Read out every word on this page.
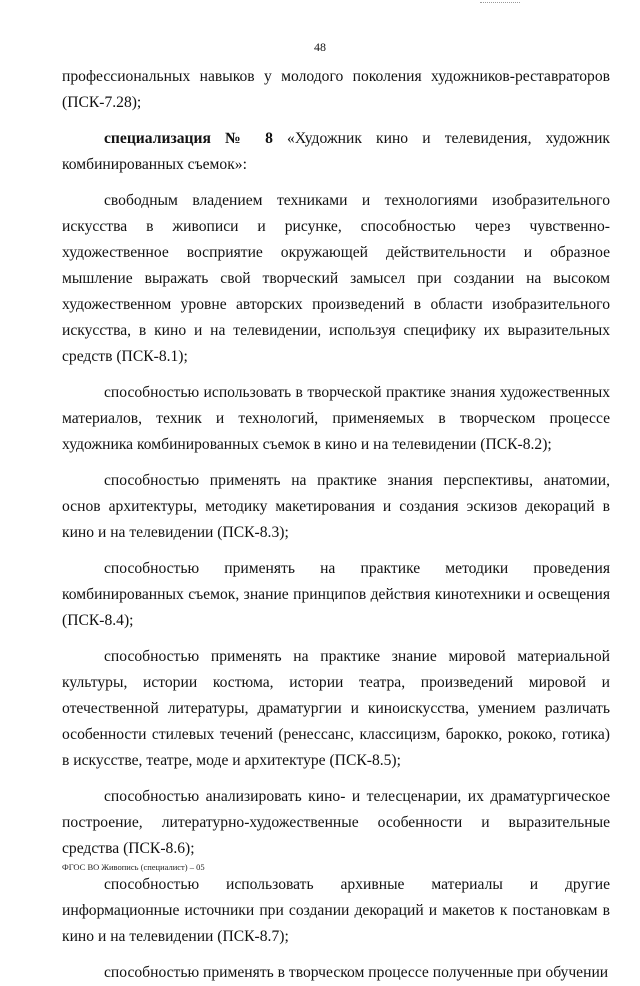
48

профессиональных навыков у молодого поколения художников-реставраторов (ПСК-7.28);

специализация № 8 «Художник кино и телевидения, художник комбинированных съемок»:

свободным владением техниками и технологиями изобразительного искусства в живописи и рисунке, способностью через чувственно-художественное восприятие окружающей действительности и образное мышление выражать свой творческий замысел при создании на высоком художественном уровне авторских произведений в области изобразительного искусства, в кино и на телевидении, используя специфику их выразительных средств (ПСК-8.1);

способностью использовать в творческой практике знания художественных материалов, техник и технологий, применяемых в творческом процессе художника комбинированных съемок в кино и на телевидении (ПСК-8.2);

способностью применять на практике знания перспективы, анатомии, основ архитектуры, методику макетирования и создания эскизов декораций в кино и на телевидении (ПСК-8.3);

способностью применять на практике методики проведения комбинированных съемок, знание принципов действия кинотехники и освещения (ПСК-8.4);

способностью применять на практике знание мировой материальной культуры, истории костюма, истории театра, произведений мировой и отечественной литературы, драматургии и киноискусства, умением различать особенности стилевых течений (ренессанс, классицизм, барокко, рококо, готика) в искусстве, театре, моде и архитектуре (ПСК-8.5);

способностью анализировать кино- и телесценарии, их драматургическое построение, литературно-художественные особенности и выразительные средства (ПСК-8.6);

способностью использовать архивные материалы и другие информационные источники при создании декораций и макетов к постановкам в кино и на телевидении (ПСК-8.7);

способностью применять в творческом процессе полученные при обучении

ФГОС ВО Живопись (специалист) – 05
